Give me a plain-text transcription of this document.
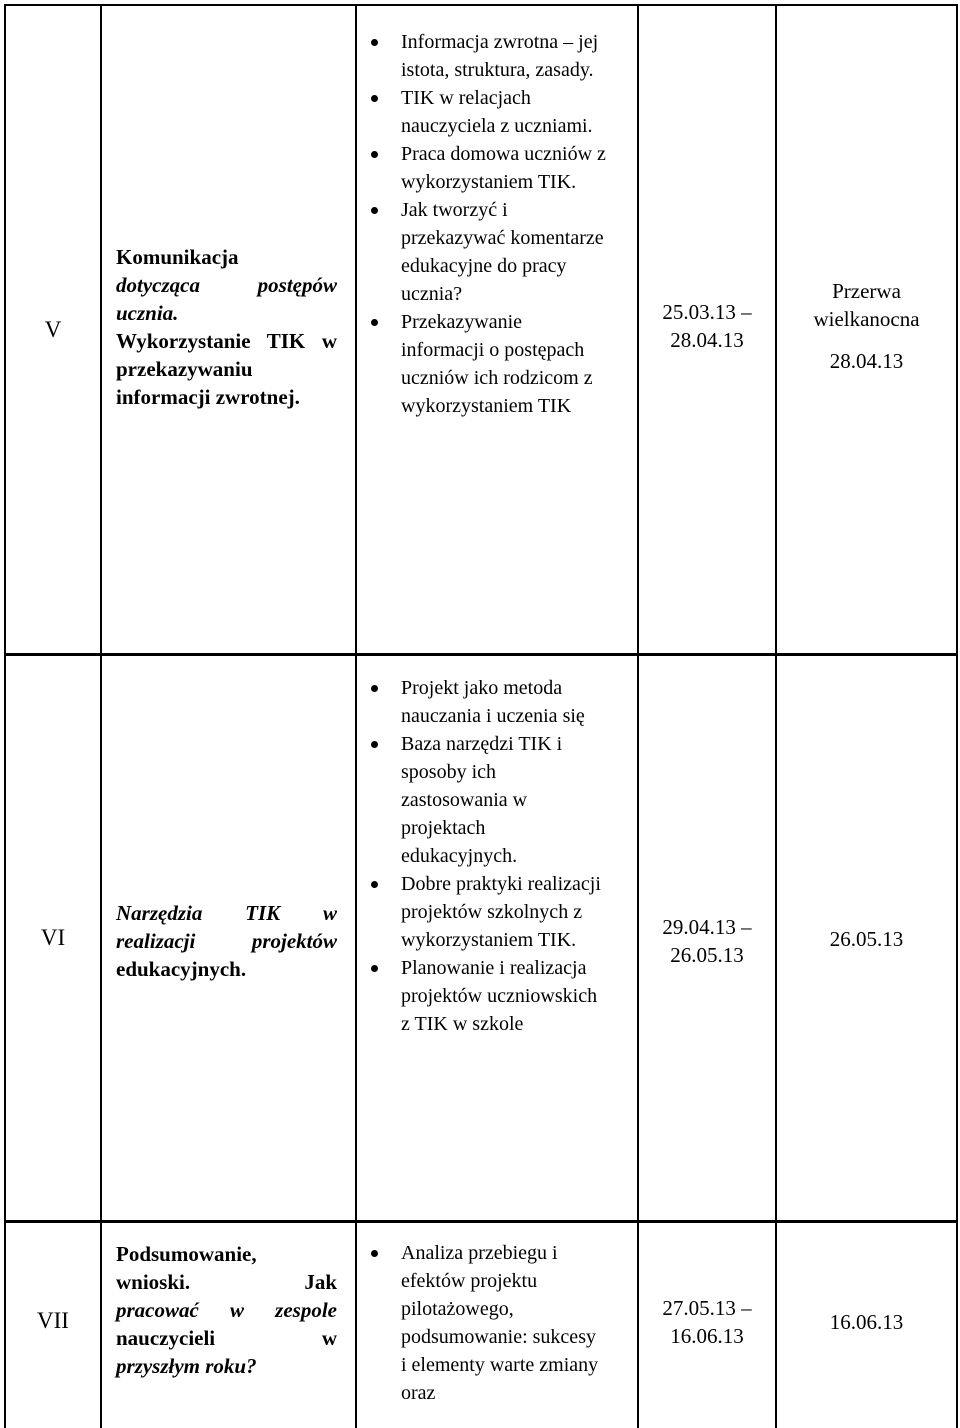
V
Komunikacja
dotycząca postępów
ucznia.
Wykorzystanie TIK w
przekazywaniu
informacji zwrotnej.
Informacja zwrotna – jej istota, struktura, zasady.
TIK w relacjach nauczyciela z uczniami.
Praca domowa uczniów z wykorzystaniem TIK.
Jak tworzyć i przekazywać komentarze edukacyjne do pracy ucznia?
Przekazywanie informacji o postępach uczniów ich rodzicom z wykorzystaniem TIK
25.03.13 –
28.04.13
Przerwa wielkanocna
28.04.13
VI
Narzędzia TIK w
realizacji projektów
edukacyjnych.
Projekt jako metoda nauczania i uczenia się
Baza narzędzi TIK i sposoby ich zastosowania w projektach edukacyjnych.
Dobre praktyki realizacji projektów szkolnych z wykorzystaniem TIK.
Planowanie i realizacja projektów uczniowskich z TIK w szkole
29.04.13 –
26.05.13
26.05.13
VII
Podsumowanie,
wnioski. Jak
pracować w zespole
nauczycieli w
przyszłym roku?
Analiza przebiegu i efektów projektu pilotażowego, podsumowanie: sukcesy i elementy warte zmiany oraz
27.05.13 –
16.06.13
16.06.13
